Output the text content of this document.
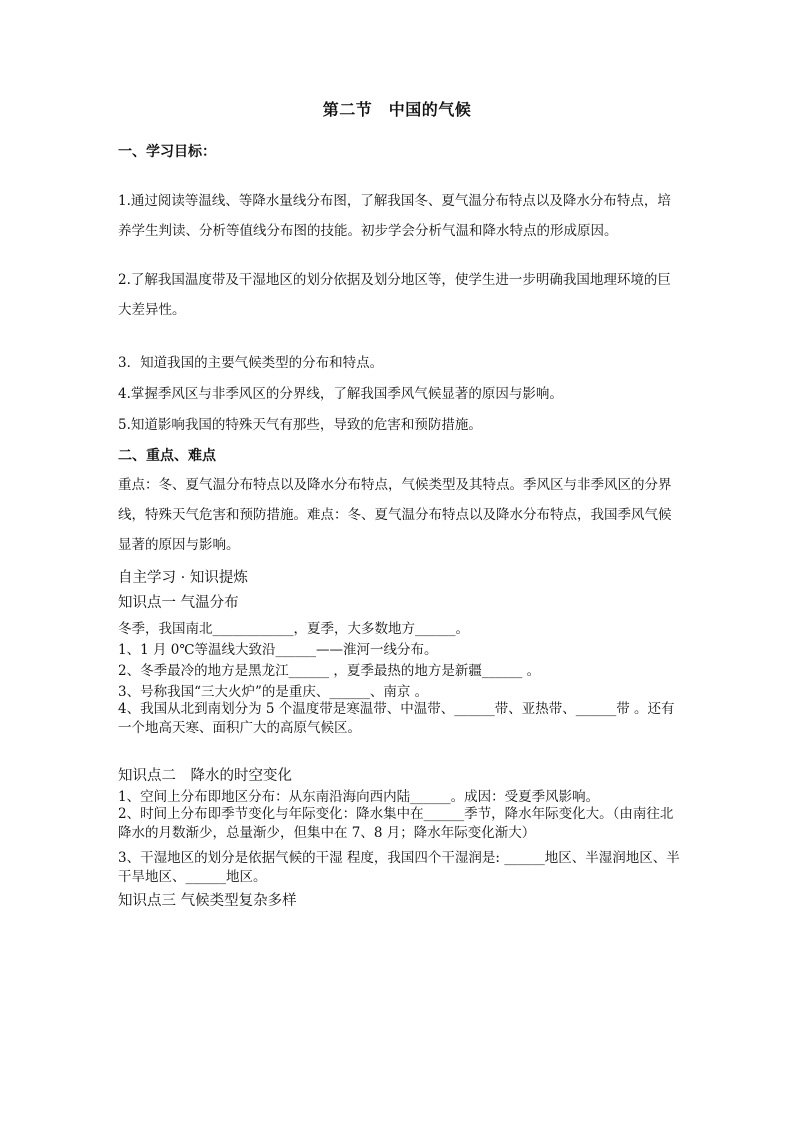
第二节　中国的气候
一、学习目标：
1.通过阅读等温线、等降水量线分布图，了解我国冬、夏气温分布特点以及降水分布特点，培养学生判读、分析等值线分布图的技能。初步学会分析气温和降水特点的形成原因。
2.了解我国温度带及干湿地区的划分依据及划分地区等，使学生进一步明确我国地理环境的巨大差异性。
3．知道我国的主要气候类型的分布和特点。
4.掌握季风区与非季风区的分界线，了解我国季风气候显著的原因与影响。
5.知道影响我国的特殊天气有那些，导致的危害和预防措施。
二、重点、难点
重点：冬、夏气温分布特点以及降水分布特点，气候类型及其特点。季风区与非季风区的分界线，特殊天气危害和预防措施。难点：冬、夏气温分布特点以及降水分布特点，我国季风气候显著的原因与影响。
自主学习 · 知识提炼
知识点一 气温分布
冬季，我国南北____________，夏季，大多数地方______。
1、1 月 0℃等温线大致沿______——淮河一线分布。
2、冬季最冷的地方是黑龙江______ ，夏季最热的地方是新疆______ 。
3、号称我国“三大火炉”的是重庆、______、南京 。
4、我国从北到南划分为 5 个温度带是寒温带、中温带、______带、亚热带、______带 。还有一个地高天寒、面积广大的高原气候区。
知识点二　降水的时空变化
1、空间上分布即地区分布：从东南沿海向西内陆______。成因：受夏季风影响。
2、时间上分布即季节变化与年际变化：降水集中在______季节，降水年际变化大。（由南往北降水的月数渐少，总量渐少，但集中在 7、8 月；降水年际变化渐大）
3、干湿地区的划分是依据气候的干湿 程度，我国四个干湿润是: ______地区、半湿润地区、半干旱地区、______地区。
知识点三 气候类型复杂多样
